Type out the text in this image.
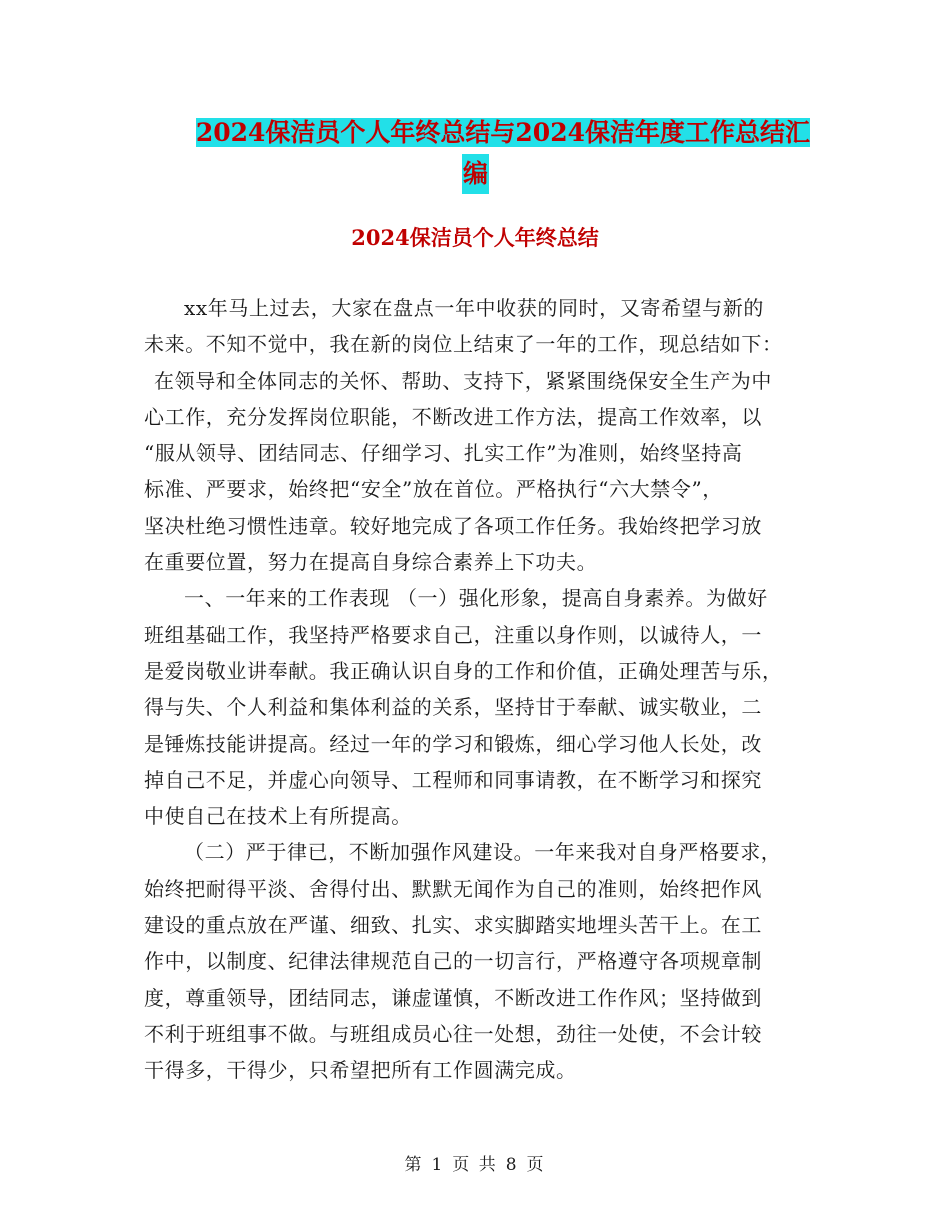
2024保洁员个人年终总结与2024保洁年度工作总结汇
编
2024保洁员个人年终总结
xx年马上过去，大家在盘点一年中收获的同时，又寄希望与新的
未来。不知不觉中，我在新的岗位上结束了一年的工作，现总结如下：
在领导和全体同志的关怀、帮助、支持下，紧紧围绕保安全生产为中
心工作，充分发挥岗位职能，不断改进工作方法，提高工作效率，以
“服从领导、团结同志、仔细学习、扎实工作”为准则，始终坚持高
标准、严要求，始终把“安全”放在首位。严格执行“六大禁令”，
坚决杜绝习惯性违章。较好地完成了各项工作任务。我始终把学习放
在重要位置，努力在提高自身综合素养上下功夫。
一、一年来的工作表现 （一）强化形象，提高自身素养。为做好
班组基础工作，我坚持严格要求自己，注重以身作则，以诚待人，一
是爱岗敬业讲奉献。我正确认识自身的工作和价值，正确处理苦与乐，
得与失、个人利益和集体利益的关系，坚持甘于奉献、诚实敬业，二
是锤炼技能讲提高。经过一年的学习和锻炼，细心学习他人长处，改
掉自己不足，并虚心向领导、工程师和同事请教，在不断学习和探究
中使自己在技术上有所提高。
（二）严于律已，不断加强作风建设。一年来我对自身严格要求，
始终把耐得平淡、舍得付出、默默无闻作为自己的准则，始终把作风
建设的重点放在严谨、细致、扎实、求实脚踏实地埋头苦干上。在工
作中，以制度、纪律法律规范自己的一切言行，严格遵守各项规章制
度，尊重领导，团结同志，谦虚谨慎，不断改进工作作风；坚持做到
不利于班组事不做。与班组成员心往一处想，劲往一处使，不会计较
干得多，干得少，只希望把所有工作圆满完成。
第 1 页 共 8 页
